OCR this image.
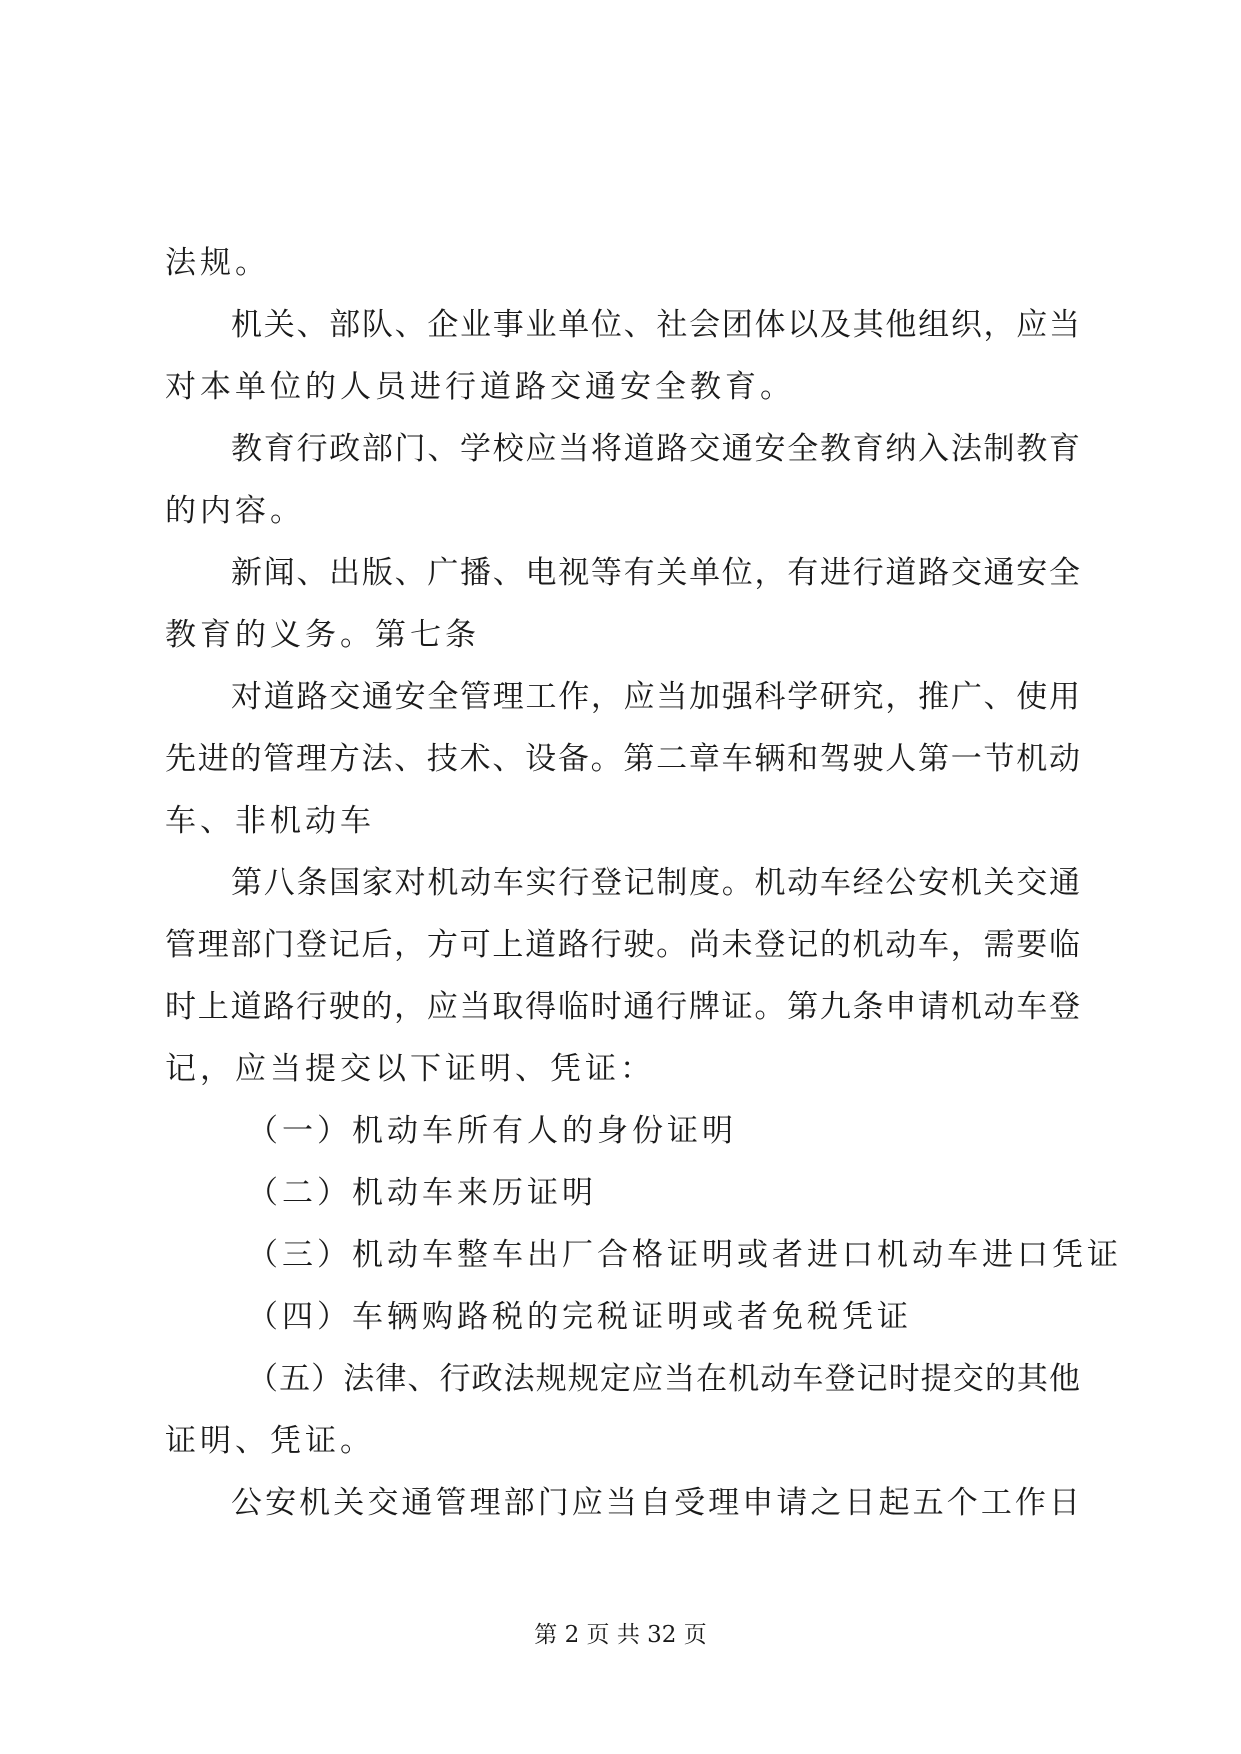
法规。
机关、部队、企业事业单位、社会团体以及其他组织，应当
对本单位的人员进行道路交通安全教育。
教育行政部门、学校应当将道路交通安全教育纳入法制教育
的内容。
新闻、出版、广播、电视等有关单位，有进行道路交通安全
教育的义务。第七条
对道路交通安全管理工作，应当加强科学研究，推广、使用
先进的管理方法、技术、设备。第二章车辆和驾驶人第一节机动
车、非机动车
第八条国家对机动车实行登记制度。机动车经公安机关交通
管理部门登记后，方可上道路行驶。尚未登记的机动车，需要临
时上道路行驶的，应当取得临时通行牌证。第九条申请机动车登
记，应当提交以下证明、凭证：
（一）机动车所有人的身份证明
（二）机动车来历证明
（三）机动车整车出厂合格证明或者进口机动车进口凭证
（四）车辆购路税的完税证明或者免税凭证
（五）法律、行政法规规定应当在机动车登记时提交的其他
证明、凭证。
公安机关交通管理部门应当自受理申请之日起五个工作日
第 2 页 共 32 页
